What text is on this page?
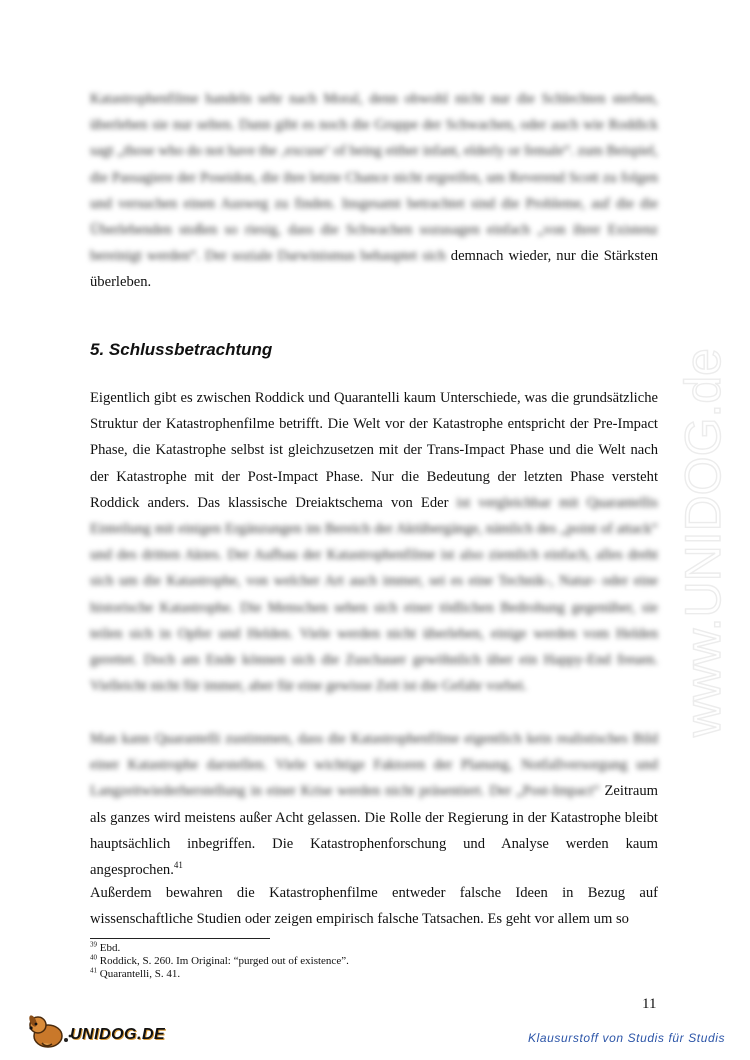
www.UNIDOG.de
Katastrophenfilme handeln sehr nach Moral, denn obwohl nicht nur die Schlechten sterben, überleben sie nur selten. Dann gibt es noch die Gruppe der Schwachen, oder auch wie Roddick sagt „those who do not have the ‚excuse‘ of being either infant, elderly or female“. zum Beispiel, die Passagiere der Poseidon, die ihre letzte Chance nicht ergreifen, um Reverend Scott zu folgen und versuchen einen Ausweg zu finden. Insgesamt betrachtet sind die Probleme, auf die die Überlebenden stoßen so riesig, dass die Schwachen sozusagen einfach „von ihrer Existenz bereinigt werden“. Der soziale Darwinismus behauptet sich demnach wieder, nur die Stärksten überleben.
5. Schlussbetrachtung
Eigentlich gibt es zwischen Roddick und Quarantelli kaum Unterschiede, was die grundsätzliche Struktur der Katastrophenfilme betrifft. Die Welt vor der Katastrophe entspricht der Pre-Impact Phase, die Katastrophe selbst ist gleichzusetzen mit der Trans-Impact Phase und die Welt nach der Katastrophe mit der Post-Impact Phase. Nur die Bedeutung der letzten Phase versteht Roddick anders. Das klassische Dreiaktschema von Eder ist vergleichbar mit Quarantellis Einteilung mit einigen Ergänzungen im Bereich der Aktübergänge, nämlich des „point of attack“ und des dritten Aktes. Der Aufbau der Katastrophenfilme ist also ziemlich einfach, alles dreht sich um die Katastrophe, von welcher Art auch immer, sei es eine Technik-, Natur- oder eine historische Katastrophe. Die Menschen sehen sich einer tödlichen Bedrohung gegenüber, sie teilen sich in Opfer und Helden. Viele werden nicht überleben, einige werden vom Helden gerettet. Doch am Ende können sich die Zuschauer gewöhnlich über ein Happy-End freuen. Vielleicht nicht für immer, aber für eine gewisse Zeit ist die Gefahr vorbei.
Man kann Quarantelli zustimmen, dass die Katastrophenfilme eigentlich kein realistisches Bild einer Katastrophe darstellen. Viele wichtige Faktoren der Planung, Notfallversorgung und Langzeitwiederherstellung in einer Krise werden nicht präsentiert. Der „Post-Impact“ Zeitraum als ganzes wird meistens außer Acht gelassen. Die Rolle der Regierung in der Katastrophe bleibt hauptsächlich inbegriffen. Die Katastrophenforschung und Analyse werden kaum angesprochen.$^{41}$
Außerdem bewahren die Katastrophenfilme entweder falsche Ideen in Bezug auf wissenschaftliche Studien oder zeigen empirisch falsche Tatsachen. Es geht vor allem um so
$^{39}$ Ebd.
$^{40}$ Roddick, S. 260. Im Original: “purged out of existence”.
$^{41}$ Quarantelli, S. 41.
11
UNIDOG.DE	Klausurstoff von Studis für Studis
